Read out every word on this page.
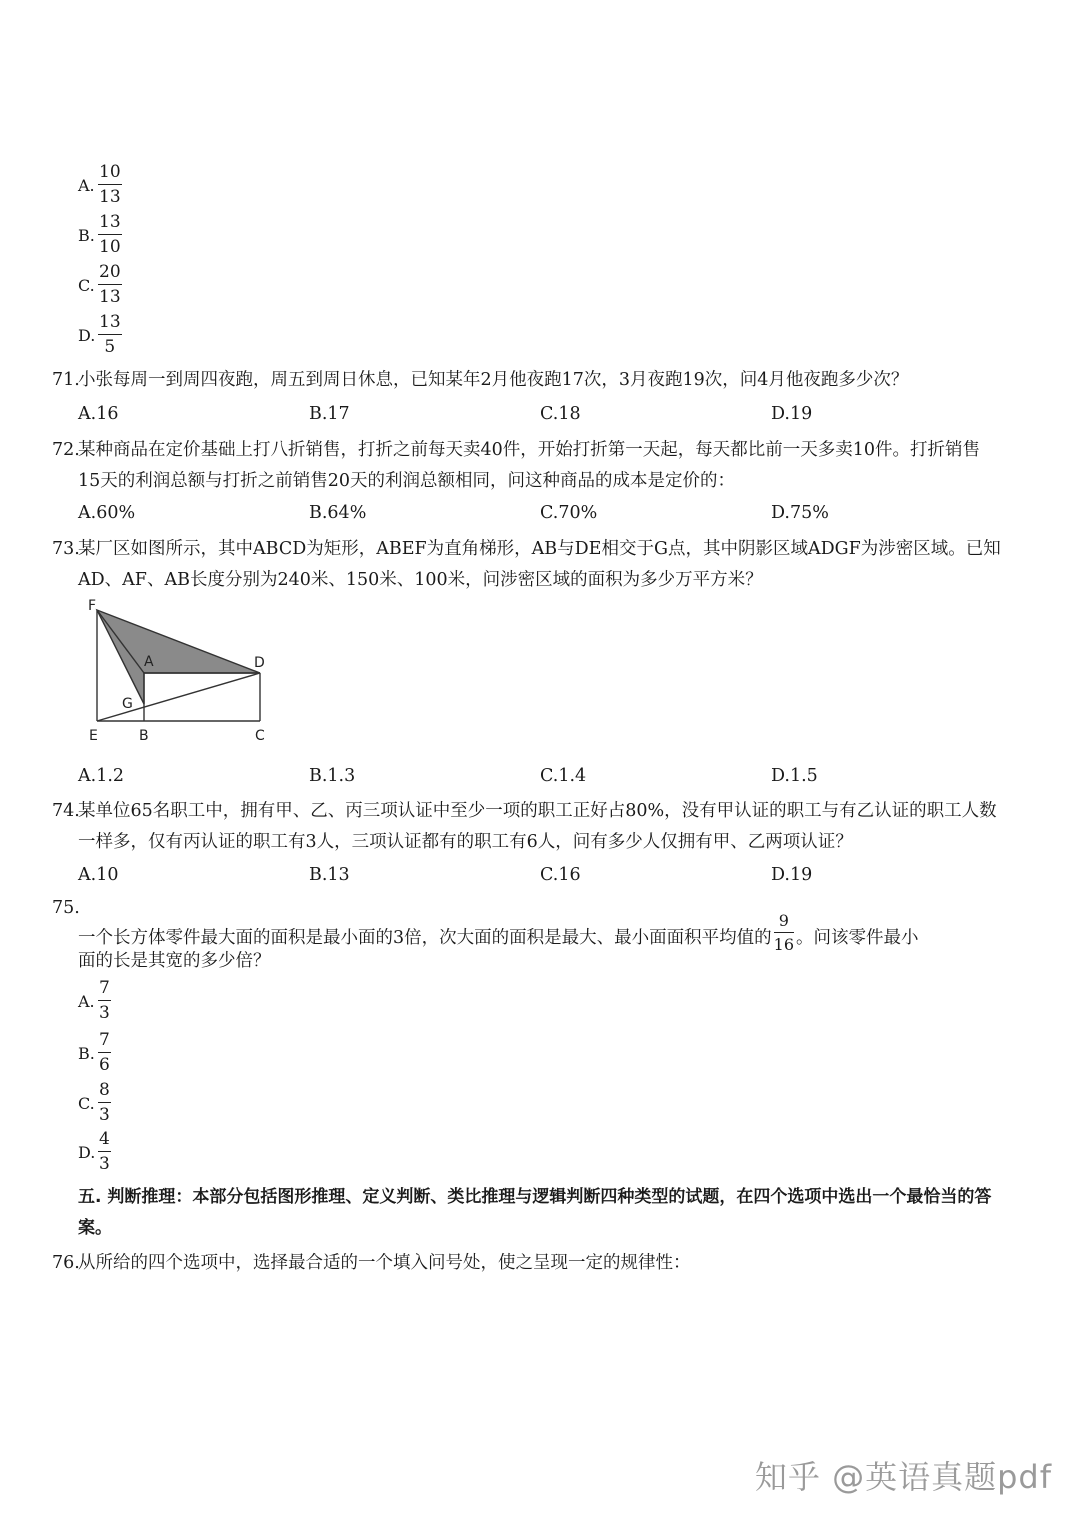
A.
10
13
B.
13
10
C.
20
13
D.
13
5
71.
小张每周一到周四夜跑，周五到周日休息，已知某年2月他夜跑17次，3月夜跑19次，问4月他夜跑多少次？
A.16	B.17	C.18	D.19
72.
某种商品在定价基础上打八折销售，打折之前每天卖40件，开始打折第一天起，每天都比前一天多卖10件。打折销售15天的利润总额与打折之前销售20天的利润总额相同，问这种商品的成本是定价的：
A.60%	B.64%	C.70%	D.75%
73.
某厂区如图所示，其中ABCD为矩形，ABEF为直角梯形，AB与DE相交于G点，其中阴影区域ADGF为涉密区域。已知AD、AF、AB长度分别为240米、150米、100米，问涉密区域的面积为多少万平方米？
F
A	D
G
E	B	C
A.1.2	B.1.3	C.1.4	D.1.5
74.
某单位65名职工中，拥有甲、乙、丙三项认证中至少一项的职工正好占80%，没有甲认证的职工与有乙认证的职工人数一样多，仅有丙认证的职工有3人，三项认证都有的职工有6人，问有多少人仅拥有甲、乙两项认证？
A.10	B.13	C.16	D.19
75.
一个长方体零件最大面的面积是最小面的3倍，次大面的面积是最大、最小面面积平均值的 $\frac{9}{16}$ 。问该零件最小
面的长是其宽的多少倍？
A.
7
3
B.
7
6
C.
8
3
D.
4
3
五. 判断推理：本部分包括图形推理、定义判断、类比推理与逻辑判断四种类型的试题，在四个选项中选出一个最恰当的答案。
76.
从所给的四个选项中，选择最合适的一个填入问号处，使之呈现一定的规律性：
知乎 @英语真题pdf
